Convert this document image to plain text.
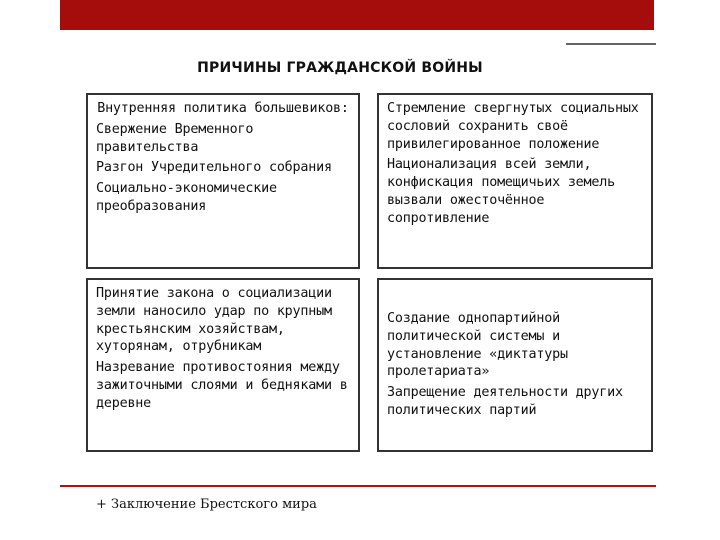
ПРИЧИНЫ ГРАЖДАНСКОЙ ВОЙНЫ

Внутренняя политика большевиков:

Свержение Временного правительства

Разгон Учредительного собрания

Социально-экономические преобразования

Стремление свергнутых социальных сословий сохранить своё привилегированное положение

Национализация всей земли, конфискация помещичьих земель вызвали ожесточённое сопротивление

Принятие закона о социализации земли наносило удар по крупным крестьянским хозяйствам, хуторянам, отрубникам

Назревание противостояния между зажиточными слоями и бедняками в деревне

Создание однопартийной политической системы и установление «диктатуры пролетариата»

Запрещение деятельности других политических партий

+ Заключение Брестского мира
